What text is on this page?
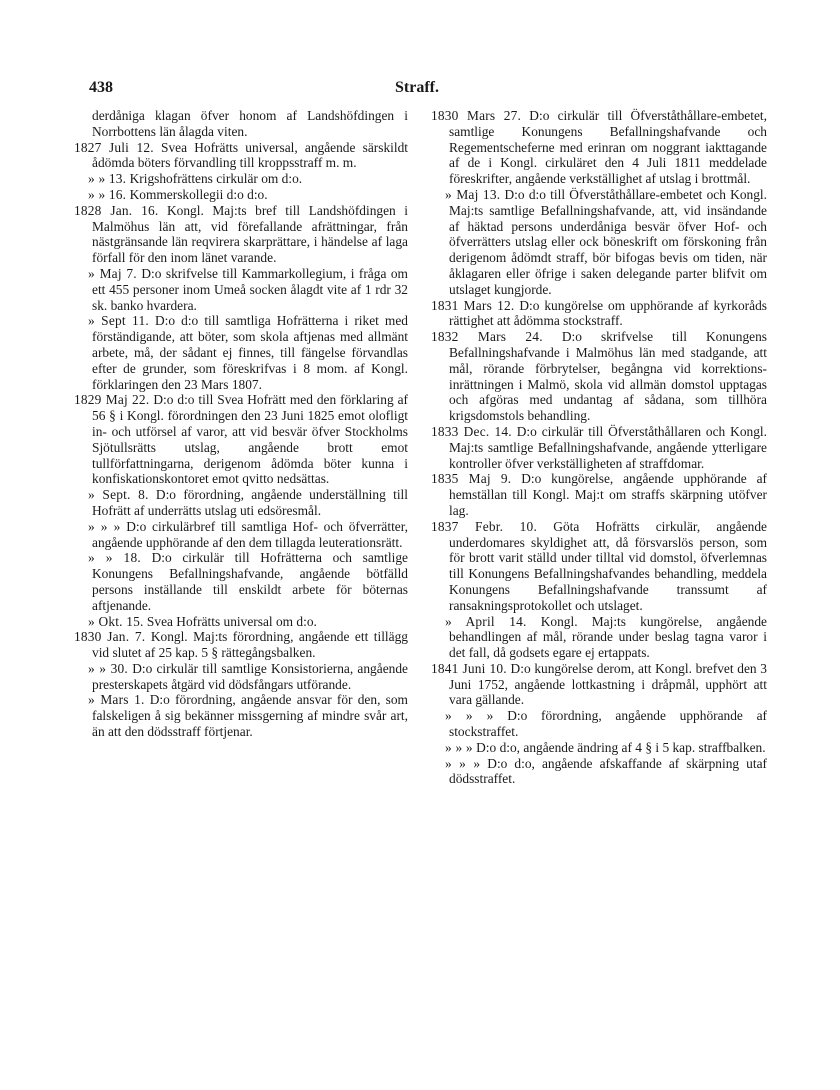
438	Straff.

derdåniga klagan öfver honom af Landshöfdingen i Norrbottens län ålagda viten.

1827 Juli 12. Svea Hofrätts universal, angående särskildt ådömda böters förvandling till kroppsstraff m. m.

» » 13. Krigshofrättens cirkulär om d:o.

» » 16. Kommerskollegii d:o d:o.

1828 Jan. 16. Kongl. Maj:ts bref till Landshöfdingen i Malmöhus län att, vid förefallande afrättningar, från nästgränsande län reqvirera skarprättare, i händelse af laga förfall för den inom länet varande.

» Maj 7. D:o skrifvelse till Kammarkollegium, i fråga om ett 455 personer inom Umeå socken ålagdt vite af 1 rdr 32 sk. banko hvardera.

» Sept 11. D:o d:o till samtliga Hofrätterna i riket med förständigande, att böter, som skola aftjenas med allmänt arbete, må, der sådant ej finnes, till fängelse förvandlas efter de grunder, som föreskrifvas i 8 mom. af Kongl. förklaringen den 23 Mars 1807.

1829 Maj 22. D:o d:o till Svea Hofrätt med den förklaring af 56 § i Kongl. förordningen den 23 Juni 1825 emot olofligt in- och utförsel af varor, att vid besvär öfver Stockholms Sjötullsrätts utslag, angående brott emot tullförfattningarna, derigenom ådömda böter kunna i konfiskationskontoret emot qvitto nedsättas.

» Sept. 8. D:o förordning, angående underställning till Hofrätt af underrätts utslag uti edsöresmål.

» » » D:o cirkulärbref till samtliga Hof- och öfverrätter, angående upphörande af den dem tillagda leuterationsrätt.

» » 18. D:o cirkulär till Hofrätterna och samtlige Konungens Befallningshafvande, angående bötfälld persons inställande till enskildt arbete för böternas aftjenande.

» Okt. 15. Svea Hofrätts universal om d:o.

1830 Jan. 7. Kongl. Maj:ts förordning, angående ett tillägg vid slutet af 25 kap. 5 § rättegångsbalken.

» » 30. D:o cirkulär till samtlige Konsistorierna, angående presterskapets åtgärd vid dödsfångars utförande.

» Mars 1. D:o förordning, angående ansvar för den, som falskeligen å sig bekänner missgerning af mindre svår art, än att den dödsstraff förtjenar.

1830 Mars 27. D:o cirkulär till Öfverståthållare-embetet, samtlige Konungens Befallningshafvande och Regementscheferne med erinran om noggrant iakttagande af de i Kongl. cirkuläret den 4 Juli 1811 meddelade föreskrifter, angående verkställighet af utslag i brottmål.

» Maj 13. D:o d:o till Öfverståthållare-embetet och Kongl. Maj:ts samtlige Befallningshafvande, att, vid insändande af häktad persons underdåniga besvär öfver Hof- och öfverrätters utslag eller ock böneskrift om förskoning från derigenom ådömdt straff, bör bifogas bevis om tiden, när åklagaren eller öfrige i saken delegande parter blifvit om utslaget kungjorde.

1831 Mars 12. D:o kungörelse om upphörande af kyrkoråds rättighet att ådömma stockstraff.

1832 Mars 24. D:o skrifvelse till Konungens Befallningshafvande i Malmöhus län med stadgande, att mål, rörande förbrytelser, begångna vid korrektions-inrättningen i Malmö, skola vid allmän domstol upptagas och afgöras med undantag af sådana, som tillhöra krigsdomstols behandling.

1833 Dec. 14. D:o cirkulär till Öfverståthållaren och Kongl. Maj:ts samtlige Befallningshafvande, angående ytterligare kontroller öfver verkställigheten af straffdomar.

1835 Maj 9. D:o kungörelse, angående upphörande af hemställan till Kongl. Maj:t om straffs skärpning utöfver lag.

1837 Febr. 10. Göta Hofrätts cirkulär, angående underdomares skyldighet att, då försvarslös person, som för brott varit ställd under tilltal vid domstol, öfverlemnas till Konungens Befallningshafvandes behandling, meddela Konungens Befallningshafvande transsumt af ransakningsprotokollet och utslaget.

» April 14. Kongl. Maj:ts kungörelse, angående behandlingen af mål, rörande under beslag tagna varor i det fall, då godsets egare ej ertappats.

1841 Juni 10. D:o kungörelse derom, att Kongl. brefvet den 3 Juni 1752, angående lottkastning i dråpmål, upphört att vara gällande.

» » » D:o förordning, angående upphörande af stockstraffet.

» » » D:o d:o, angående ändring af 4 § i 5 kap. straffbalken.

» » » D:o d:o, angående afskaffande af skärpning utaf dödsstraffet.
